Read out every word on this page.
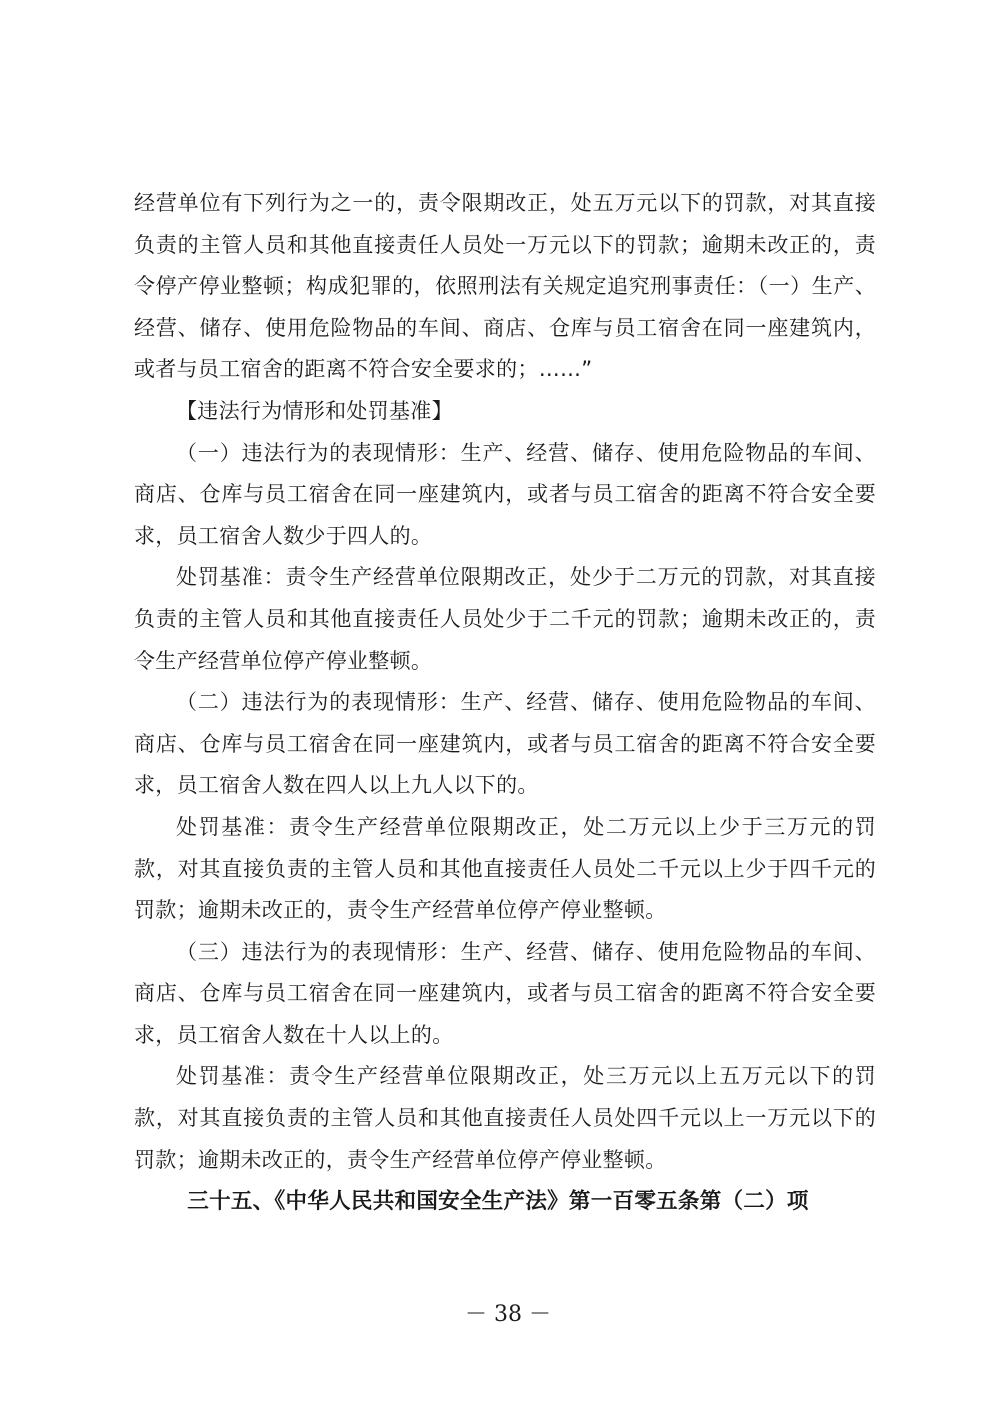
经营单位有下列行为之一的，责令限期改正，处五万元以下的罚款，对其直接负责的主管人员和其他直接责任人员处一万元以下的罚款；逾期未改正的，责令停产停业整顿；构成犯罪的，依照刑法有关规定追究刑事责任：（一）生产、经营、储存、使用危险物品的车间、商店、仓库与员工宿舍在同一座建筑内，或者与员工宿舍的距离不符合安全要求的；……”

【违法行为情形和处罚基准】

（一）违法行为的表现情形：生产、经营、储存、使用危险物品的车间、商店、仓库与员工宿舍在同一座建筑内，或者与员工宿舍的距离不符合安全要求，员工宿舍人数少于四人的。

处罚基准：责令生产经营单位限期改正，处少于二万元的罚款，对其直接负责的主管人员和其他直接责任人员处少于二千元的罚款；逾期未改正的，责令生产经营单位停产停业整顿。

（二）违法行为的表现情形：生产、经营、储存、使用危险物品的车间、商店、仓库与员工宿舍在同一座建筑内，或者与员工宿舍的距离不符合安全要求，员工宿舍人数在四人以上九人以下的。

处罚基准：责令生产经营单位限期改正，处二万元以上少于三万元的罚款，对其直接负责的主管人员和其他直接责任人员处二千元以上少于四千元的罚款；逾期未改正的，责令生产经营单位停产停业整顿。

（三）违法行为的表现情形：生产、经营、储存、使用危险物品的车间、商店、仓库与员工宿舍在同一座建筑内，或者与员工宿舍的距离不符合安全要求，员工宿舍人数在十人以上的。

处罚基准：责令生产经营单位限期改正，处三万元以上五万元以下的罚款，对其直接负责的主管人员和其他直接责任人员处四千元以上一万元以下的罚款；逾期未改正的，责令生产经营单位停产停业整顿。

三十五、《中华人民共和国安全生产法》第一百零五条第（二）项

－ 38 －
